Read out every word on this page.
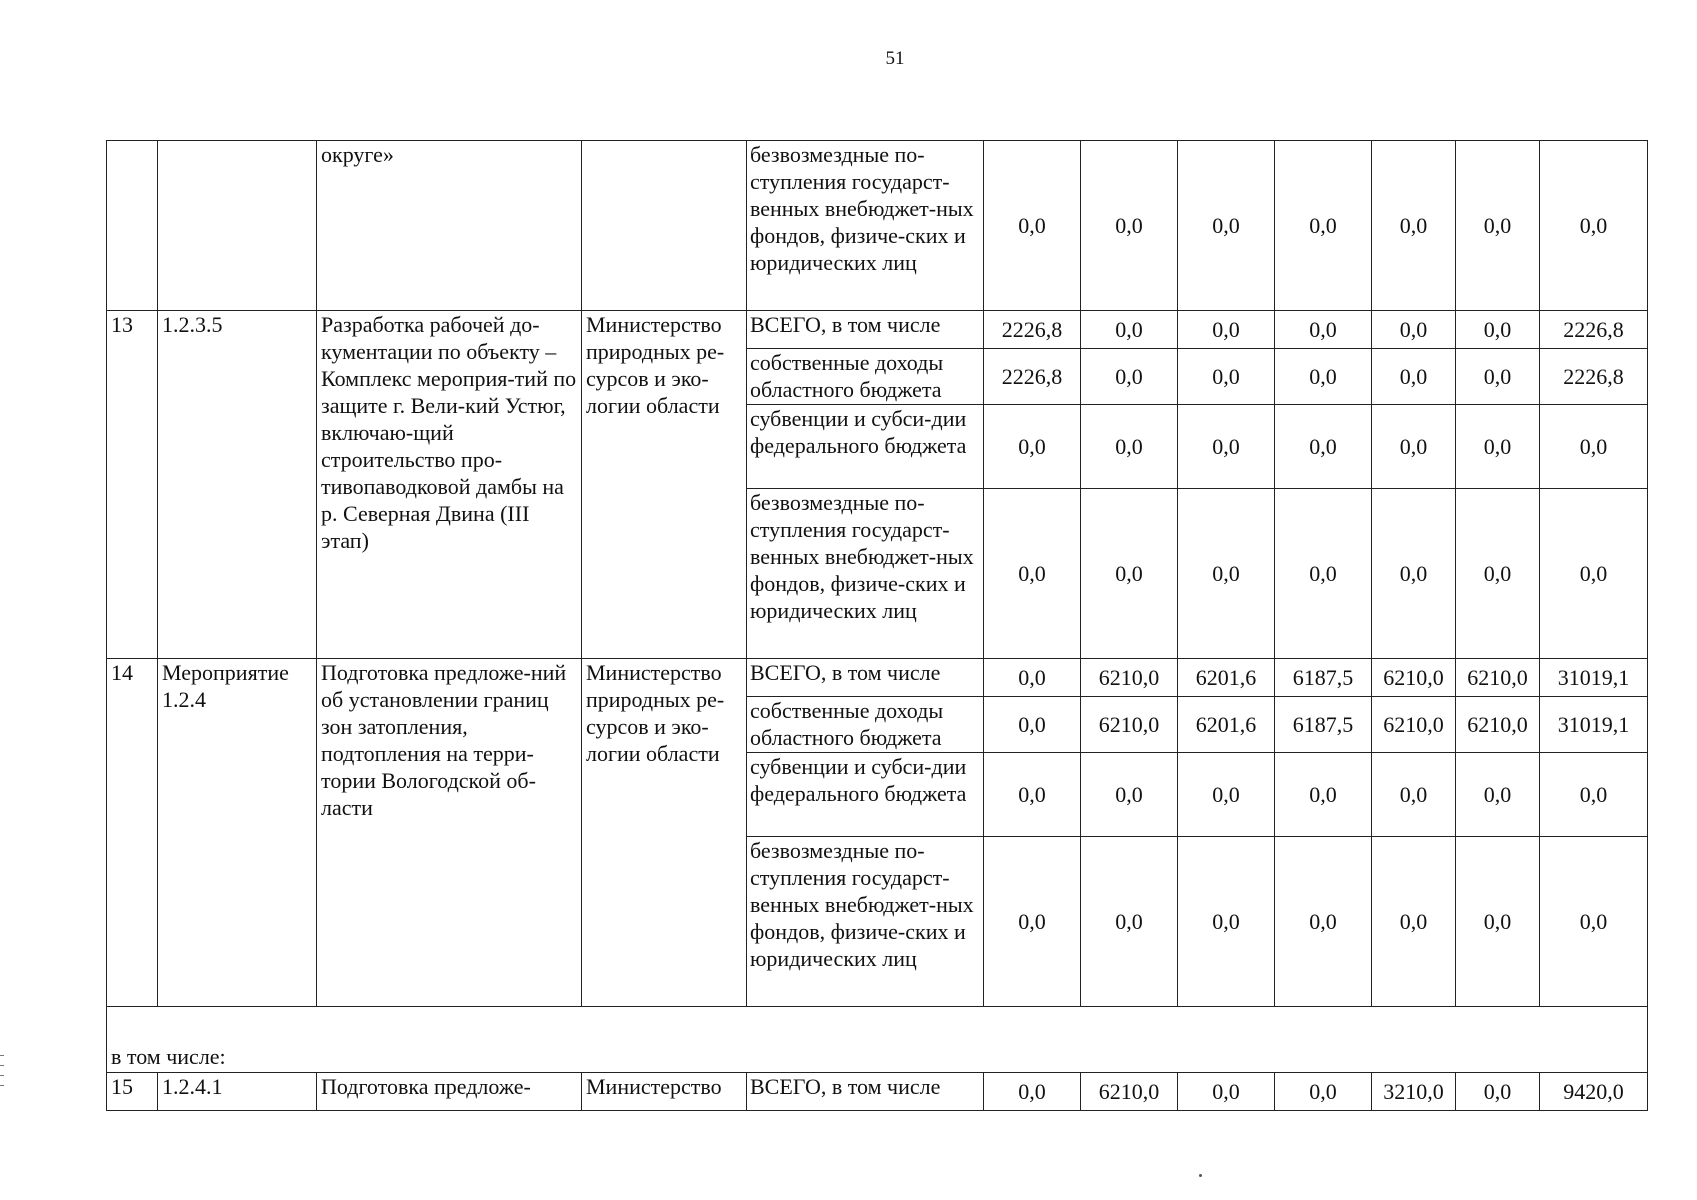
51
		округе»		безвозмездные по-ступления государст-венных внебюджет-ных фондов, физиче-ских и юридических лиц	0,0	0,0	0,0	0,0	0,0	0,0	0,0
13	1.2.3.5	Разработка рабочей до-кументации по объекту – Комплекс мероприя-тий по защите г. Вели-кий Устюг, включаю-щий строительство про-тивопаводковой дамбы на р. Северная Двина (III этап)	Министерство природных ре-сурсов и эко-логии области	ВСЕГО, в том числе	2226,8	0,0	0,0	0,0	0,0	0,0	2226,8
				собственные доходы областного бюджета	2226,8	0,0	0,0	0,0	0,0	0,0	2226,8
				субвенции и субси-дии федерального бюджета	0,0	0,0	0,0	0,0	0,0	0,0	0,0
				безвозмездные по-ступления государст-венных внебюджет-ных фондов, физиче-ских и юридических лиц	0,0	0,0	0,0	0,0	0,0	0,0	0,0
14	Мероприятие 1.2.4	Подготовка предложе-ний об установлении границ зон затопления, подтопления на терри-тории Вологодской об-ласти	Министерство природных ре-сурсов и эко-логии области	ВСЕГО, в том числе	0,0	6210,0	6201,6	6187,5	6210,0	6210,0	31019,1
				собственные доходы областного бюджета	0,0	6210,0	6201,6	6187,5	6210,0	6210,0	31019,1
				субвенции и субси-дии федерального бюджета	0,0	0,0	0,0	0,0	0,0	0,0	0,0
				безвозмездные по-ступления государст-венных внебюджет-ных фондов, физиче-ских и юридических лиц	0,0	0,0	0,0	0,0	0,0	0,0	0,0
в том числе:											
15	1.2.4.1	Подготовка предложе-	Министерство	ВСЕГО, в том числе	0,0	6210,0	0,0	0,0	3210,0	0,0	9420,0
